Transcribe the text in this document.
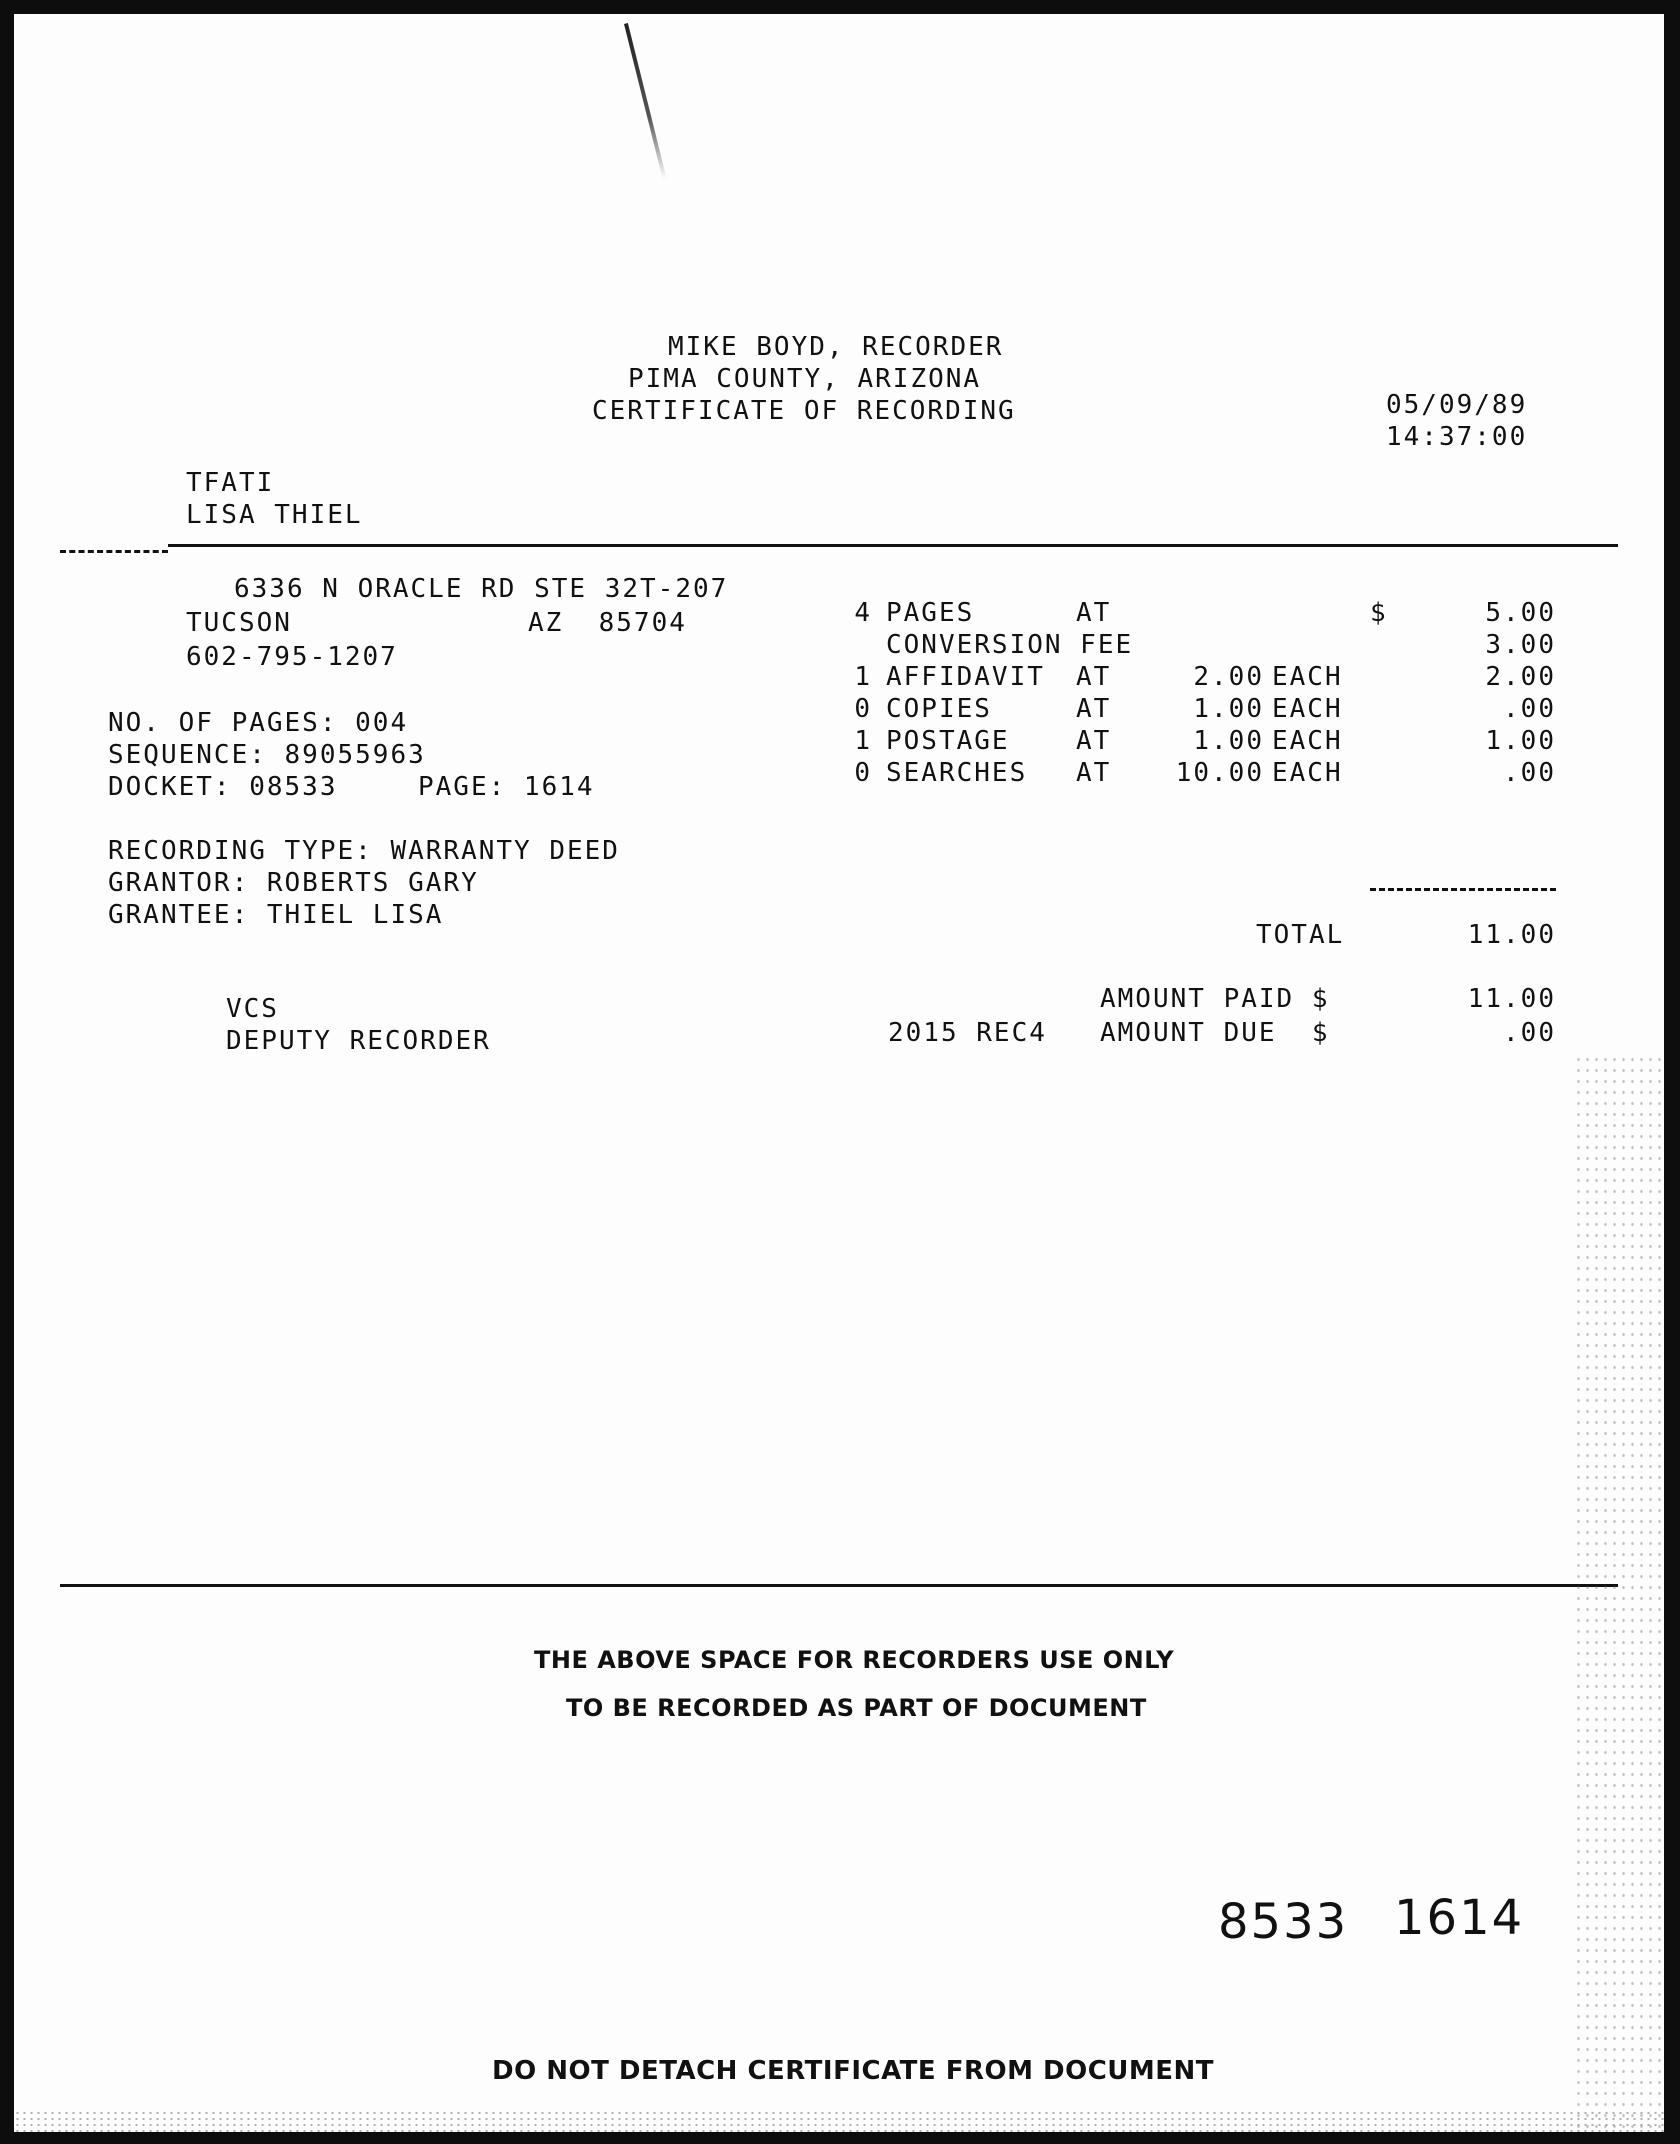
MIKE BOYD, RECORDER
PIMA COUNTY, ARIZONA
CERTIFICATE OF RECORDING	05/09/89
14:37:00
TFATI
LISA THIEL
6336 N ORACLE RD STE 32T-207
TUCSON	AZ  85704
602-795-1207
NO. OF PAGES: 004
SEQUENCE: 89055963
DOCKET: 08533	PAGE: 1614
RECORDING TYPE: WARRANTY DEED
GRANTOR: ROBERTS GARY
GRANTEE: THIEL LISA
4 PAGES	AT	$	5.00
CONVERSION FEE	3.00
1 AFFIDAVIT	AT	2.00 EACH	2.00
0 COPIES	AT	1.00 EACH	.00
1 POSTAGE	AT	1.00 EACH	1.00
0 SEARCHES	AT	10.00 EACH	.00
TOTAL	11.00
AMOUNT PAID $	11.00
2015 REC4 AMOUNT DUE  $	.00
VCS
DEPUTY RECORDER
THE ABOVE SPACE FOR RECORDERS USE ONLY
TO BE RECORDED AS PART OF DOCUMENT
8533 1614
DO NOT DETACH CERTIFICATE FROM DOCUMENT
